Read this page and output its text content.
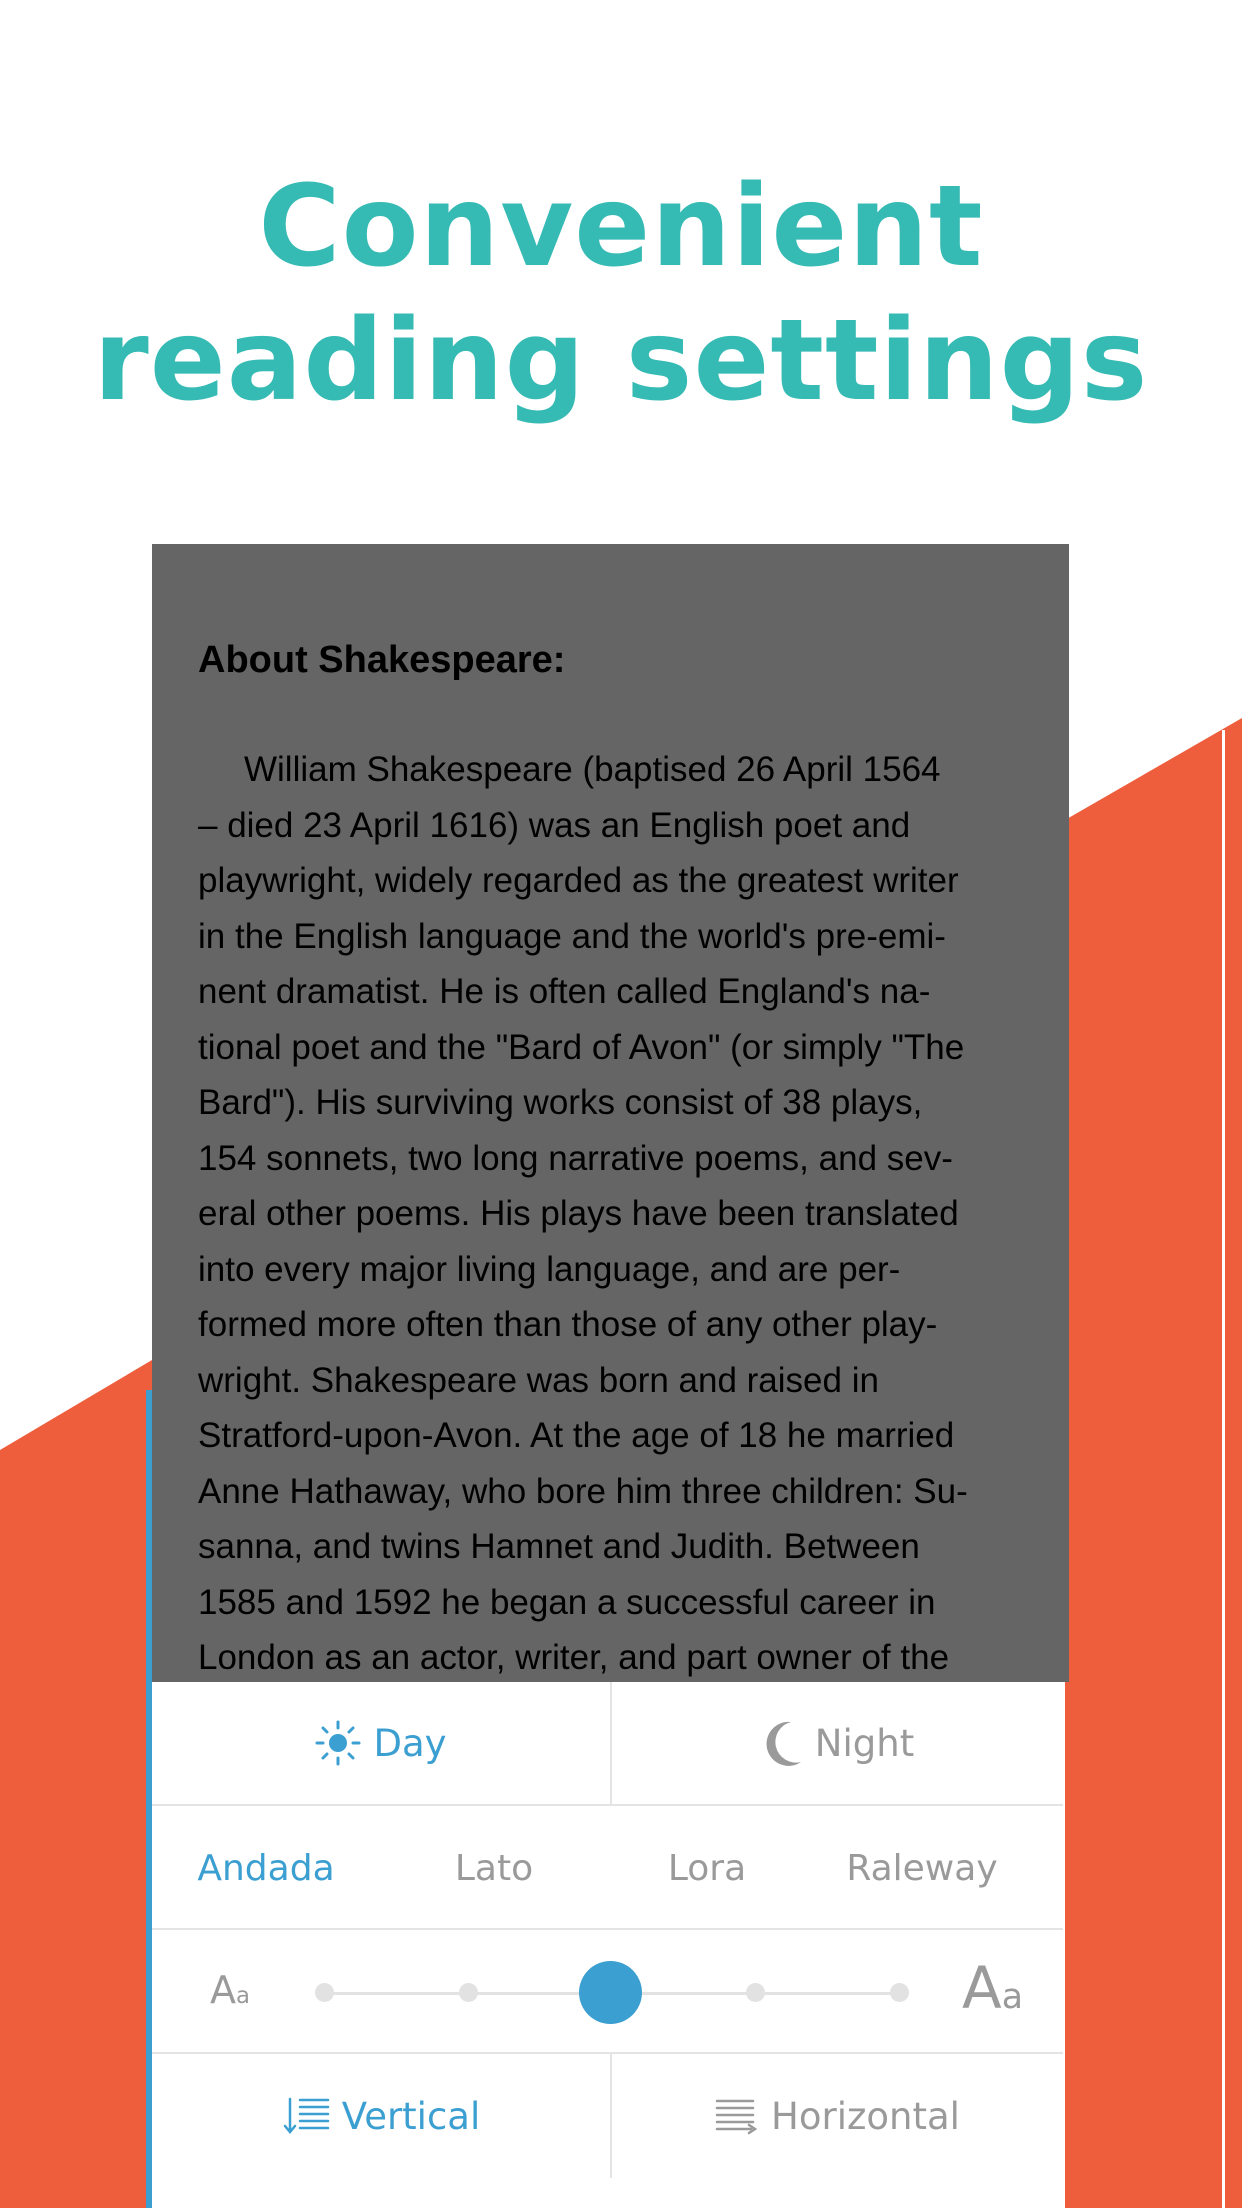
Convenient
reading settings
About Shakespeare:
William Shakespeare (baptised 26 April 1564
– died 23 April 1616) was an English poet and
playwright, widely regarded as the greatest writer
in the English language and the world's pre-emi-
nent dramatist. He is often called England's na-
tional poet and the "Bard of Avon" (or simply "The
Bard"). His surviving works consist of 38 plays,
154 sonnets, two long narrative poems, and sev-
eral other poems. His plays have been translated
into every major living language, and are per-
formed more often than those of any other play-
wright. Shakespeare was born and raised in
Stratford-upon-Avon. At the age of 18 he married
Anne Hathaway, who bore him three children: Su-
sanna, and twins Hamnet and Judith. Between
1585 and 1592 he began a successful career in
London as an actor, writer, and part owner of the
Day	Night
Andada	Lato	Lora	Raleway
Aa	Aa
Vertical	Horizontal
